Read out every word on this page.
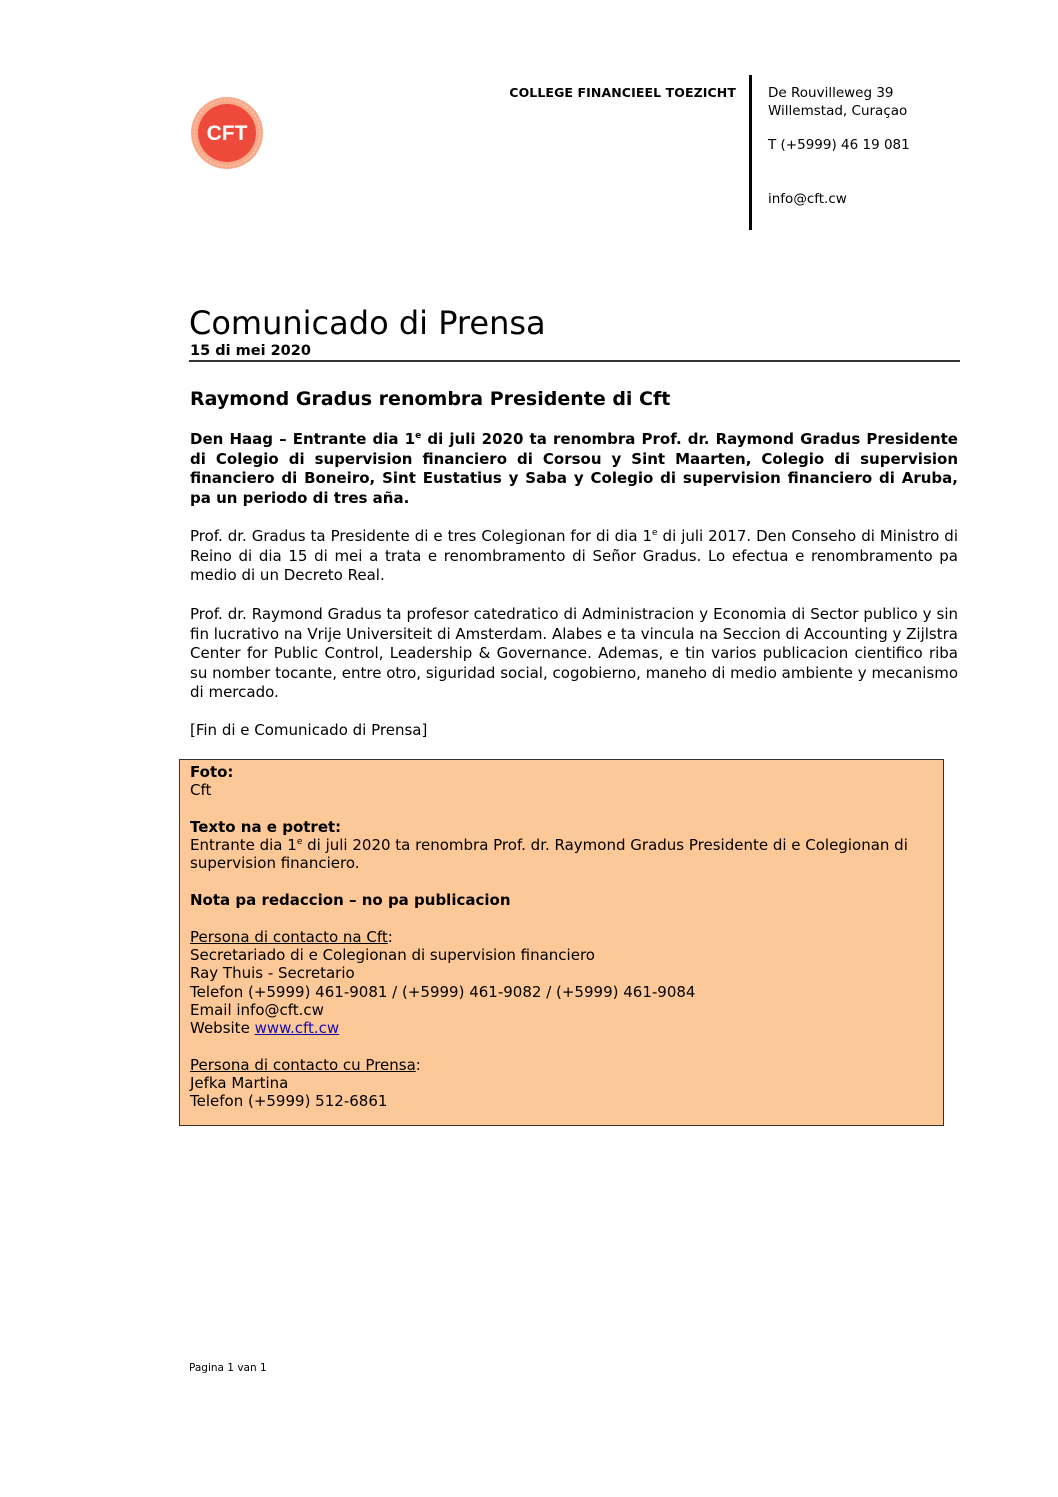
CFT
COLLEGE FINANCIEEL TOEZICHT De Rouvilleweg 39
Willemstad, Curaçao
T (+5999) 46 19 081
info@cft.cw
Comunicado di Prensa
15 di mei 2020
Raymond Gradus renombra Presidente di Cft
Den Haag – Entrante dia 1e di juli 2020 ta renombra Prof. dr. Raymond Gradus Presidente di Colegio di supervision financiero di Corsou y Sint Maarten, Colegio di supervision financiero di Boneiro, Sint Eustatius y Saba y Colegio di supervision financiero di Aruba, pa un periodo di tres aña.
Prof. dr. Gradus ta Presidente di e tres Colegionan for di dia 1e di juli 2017. Den Conseho di Ministro di Reino di dia 15 di mei a trata e renombramento di Señor Gradus. Lo efectua e renombramento pa medio di un Decreto Real.
Prof. dr. Raymond Gradus ta profesor catedratico di Administracion y Economia di Sector publico y sin fin lucrativo na Vrije Universiteit di Amsterdam. Alabes e ta vincula na Seccion di Accounting y Zijlstra Center for Public Control, Leadership & Governance. Ademas, e tin varios publicacion cientifico riba su nomber tocante, entre otro, siguridad social, cogobierno, maneho di medio ambiente y mecanismo di mercado.
[Fin di e Comunicado di Prensa]
Foto:
Cft
Texto na e potret:
Entrante dia 1e di juli 2020 ta renombra Prof. dr. Raymond Gradus Presidente di e Colegionan di supervision financiero.
Nota pa redaccion – no pa publicacion
Persona di contacto na Cft:
Secretariado di e Colegionan di supervision financiero
Ray Thuis - Secretario
Telefon (+5999) 461-9081 / (+5999) 461-9082 / (+5999) 461-9084
Email info@cft.cw
Website www.cft.cw
Persona di contacto cu Prensa:
Jefka Martina
Telefon (+5999) 512-6861
Pagina 1 van 1
